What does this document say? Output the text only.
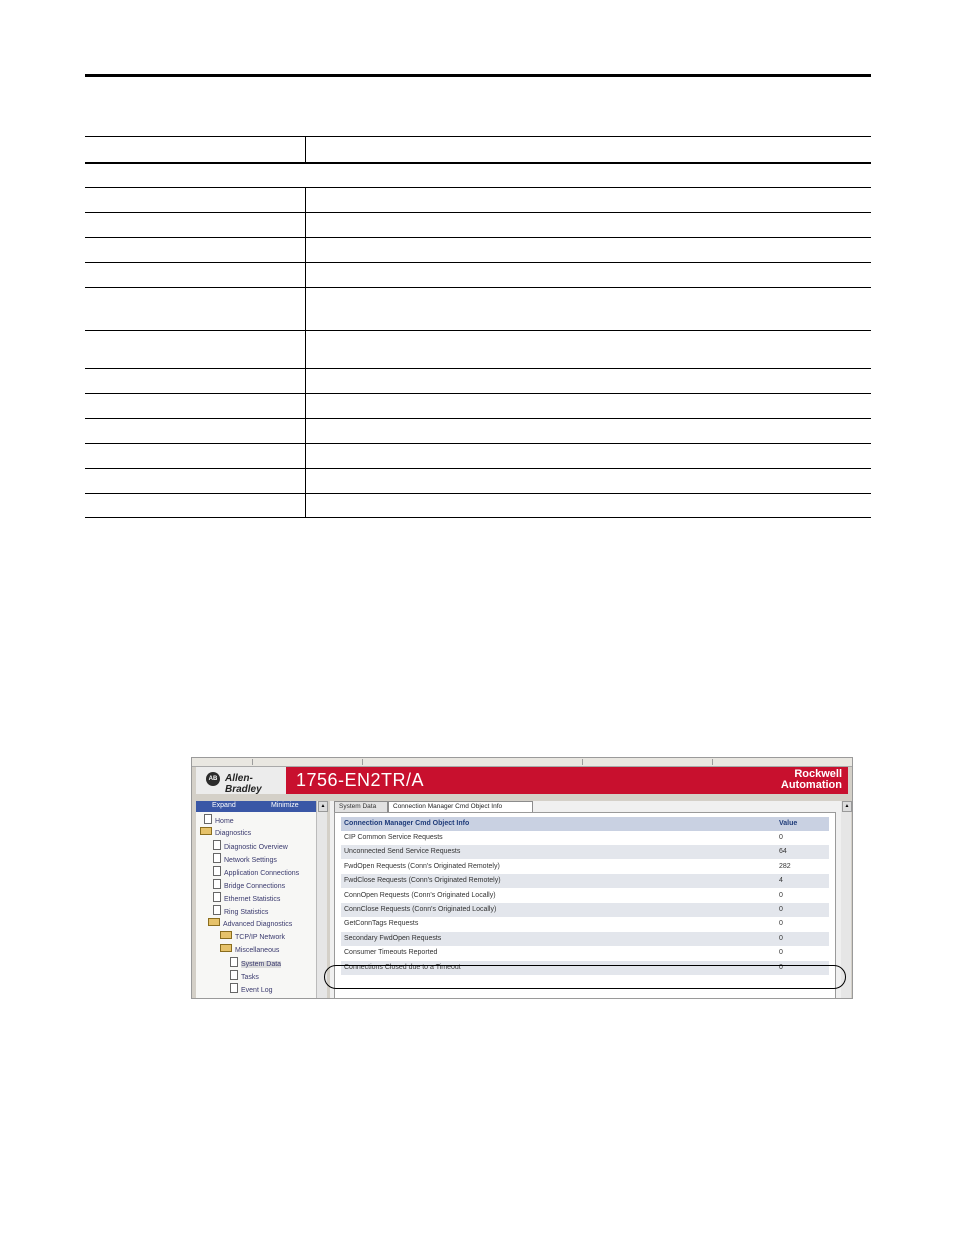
AB Allen-Bradley	1756-EN2TR/A	Rockwell
Automation
Expand	Minimize
Home
Diagnostics
Diagnostic Overview
Network Settings
Application Connections
Bridge Connections
Ethernet Statistics
Ring Statistics
Advanced Diagnostics
TCP/IP Network
Miscellaneous
System Data
Tasks
Event Log
▲	System Data	Connection Manager Cmd Object Info
Connection Manager Cmd Object Info	Value
CIP Common Service Requests	0
Unconnected Send Service Requests	64
FwdOpen Requests (Conn's Originated Remotely)	282
FwdClose Requests (Conn's Originated Remotely)	4
ConnOpen Requests (Conn's Originated Locally)	0
ConnClose Requests (Conn's Originated Locally)	0
GetConnTags Requests	0
Secondary FwdOpen Requests	0
Consumer Timeouts Reported	0
Connections Closed due to a Timeout	0
▲
